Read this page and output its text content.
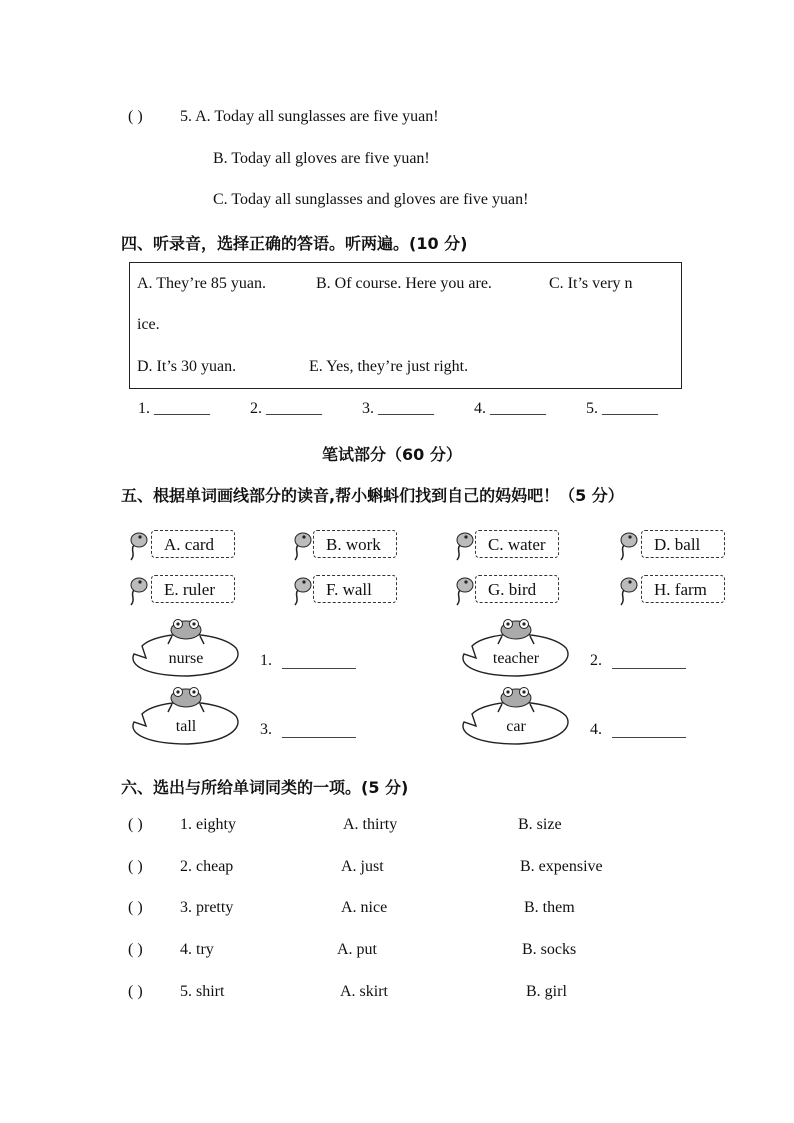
( ) 5. A. Today all sunglasses are five yuan!
B. Today all gloves are five yuan!
C. Today all sunglasses and gloves are five yuan!
四、听录音，选择正确的答语。听两遍。(10 分)
A. They’re 85 yuan.	B. Of course. Here you are.	C. It’s very n
ice.
D. It’s 30 yuan.	E. Yes, they’re just right.
1. _______	2. _______	3. _______	4. _______	5. _______
笔试部分（60 分）
五、根据单词画线部分的读音,帮小蝌蚪们找到自己的妈妈吧！（5 分）
A. card	B. work	C. water	D. ball
E. ruler	F. wall	G. bird	H. farm
nurse	1.	teacher	2.
tall	3.	car	4.
六、选出与所给单词同类的一项。(5 分)
( ) 1. eighty	A. thirty	B. size
( ) 2. cheap	A. just	B. expensive
( ) 3. pretty	A. nice	B. them
( ) 4. try	A. put	B. socks
( ) 5. shirt	A. skirt	B. girl
